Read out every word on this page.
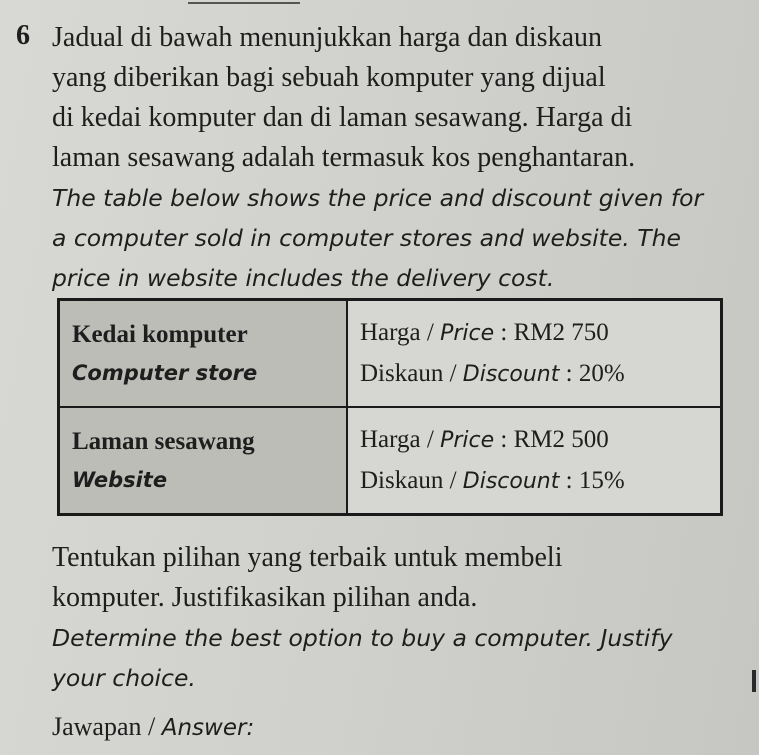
6 Jadual di bawah menunjukkan harga dan diskaun
yang diberikan bagi sebuah komputer yang dijual
di kedai komputer dan di laman sesawang. Harga di
laman sesawang adalah termasuk kos penghantaran.

The table below shows the price and discount given for
a computer sold in computer stores and website. The
price in website includes the delivery cost.

Kedai komputer
Computer store	Harga / Price : RM2 750
Diskaun / Discount : 20%

Laman sesawang
Website	Harga / Price : RM2 500
Diskaun / Discount : 15%

Tentukan pilihan yang terbaik untuk membeli
komputer. Justifikasikan pilihan anda.

Determine the best option to buy a computer. Justify
your choice.

Jawapan / Answer:
